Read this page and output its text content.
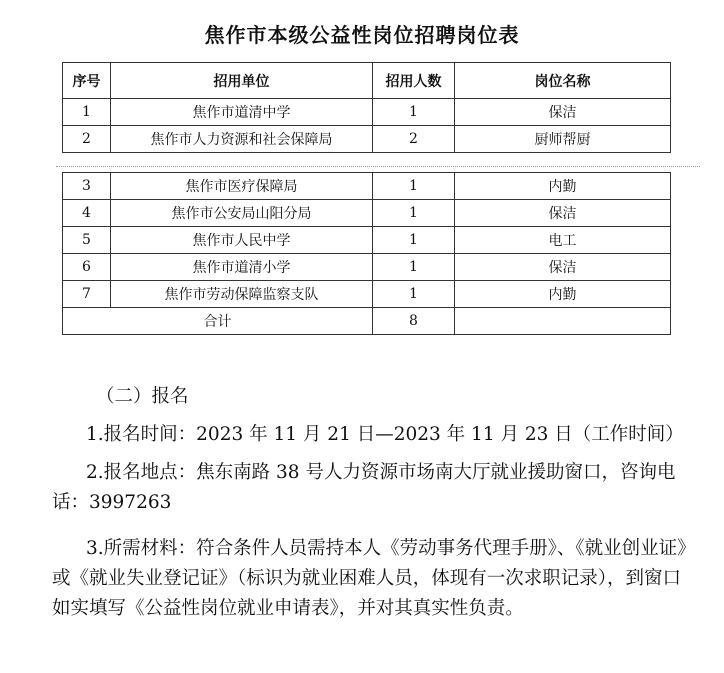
焦作市本级公益性岗位招聘岗位表
序号	招用单位	招用人数	岗位名称
1	焦作市道清中学	1	保洁
2	焦作市人力资源和社会保障局	2	厨师帮厨
3	焦作市医疗保障局	1	内勤
4	焦作市公安局山阳分局	1	保洁
5	焦作市人民中学	1	电工
6	焦作市道清小学	1	保洁
7	焦作市劳动保障监察支队	1	内勤
合计		8	
（二）报名
1.报名时间：2023 年 11 月 21 日—2023 年 11 月 23 日（工作时间）

2.报名地点：焦东南路 38 号人力资源市场南大厅就业援助窗口，咨询电话：3997263

3.所需材料：符合条件人员需持本人《劳动事务代理手册》、《就业创业证》或《就业失业登记证》（标识为就业困难人员，体现有一次求职记录），到窗口如实填写《公益性岗位就业申请表》，并对其真实性负责。
